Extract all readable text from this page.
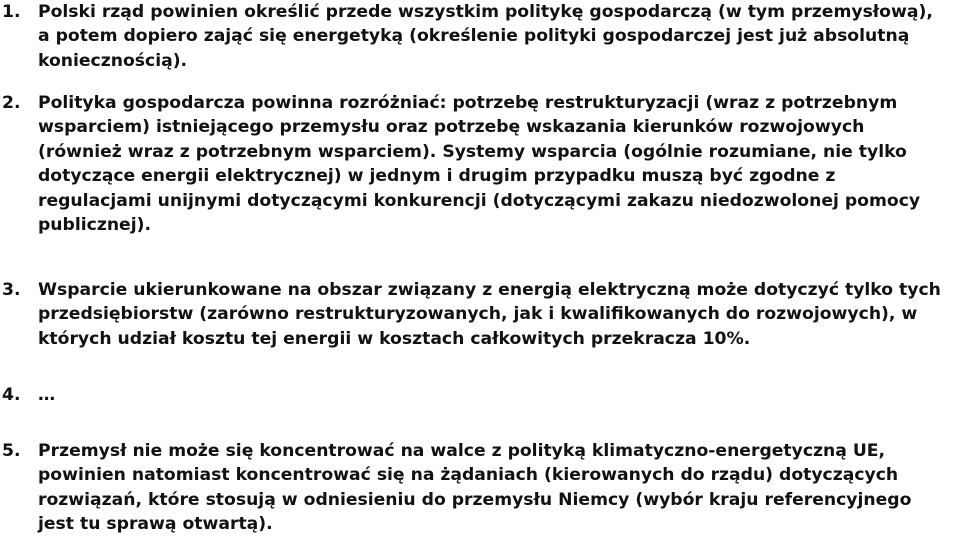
1. Polski rząd powinien określić przede wszystkim politykę gospodarczą (w tym przemysłową),
a potem dopiero zająć się energetyką (określenie polityki gospodarczej jest już absolutną
koniecznością).
2. Polityka gospodarcza powinna rozróżniać: potrzebę restrukturyzacji (wraz z potrzebnym
wsparciem) istniejącego przemysłu oraz potrzebę wskazania kierunków rozwojowych
(również wraz z potrzebnym wsparciem). Systemy wsparcia (ogólnie rozumiane, nie tylko
dotyczące energii elektrycznej) w jednym i drugim przypadku muszą być zgodne z
regulacjami unijnymi dotyczącymi konkurencji (dotyczącymi zakazu niedozwolonej pomocy
publicznej).
3. Wsparcie ukierunkowane na obszar związany z energią elektryczną może dotyczyć tylko tych
przedsiębiorstw (zarówno restrukturyzowanych, jak i kwalifikowanych do rozwojowych), w
których udział kosztu tej energii w kosztach całkowitych przekracza 10%.
4. …
5. Przemysł nie może się koncentrować na walce z polityką klimatyczno-energetyczną UE,
powinien natomiast koncentrować się na żądaniach (kierowanych do rządu) dotyczących
rozwiązań, które stosują w odniesieniu do przemysłu Niemcy (wybór kraju referencyjnego
jest tu sprawą otwartą).
